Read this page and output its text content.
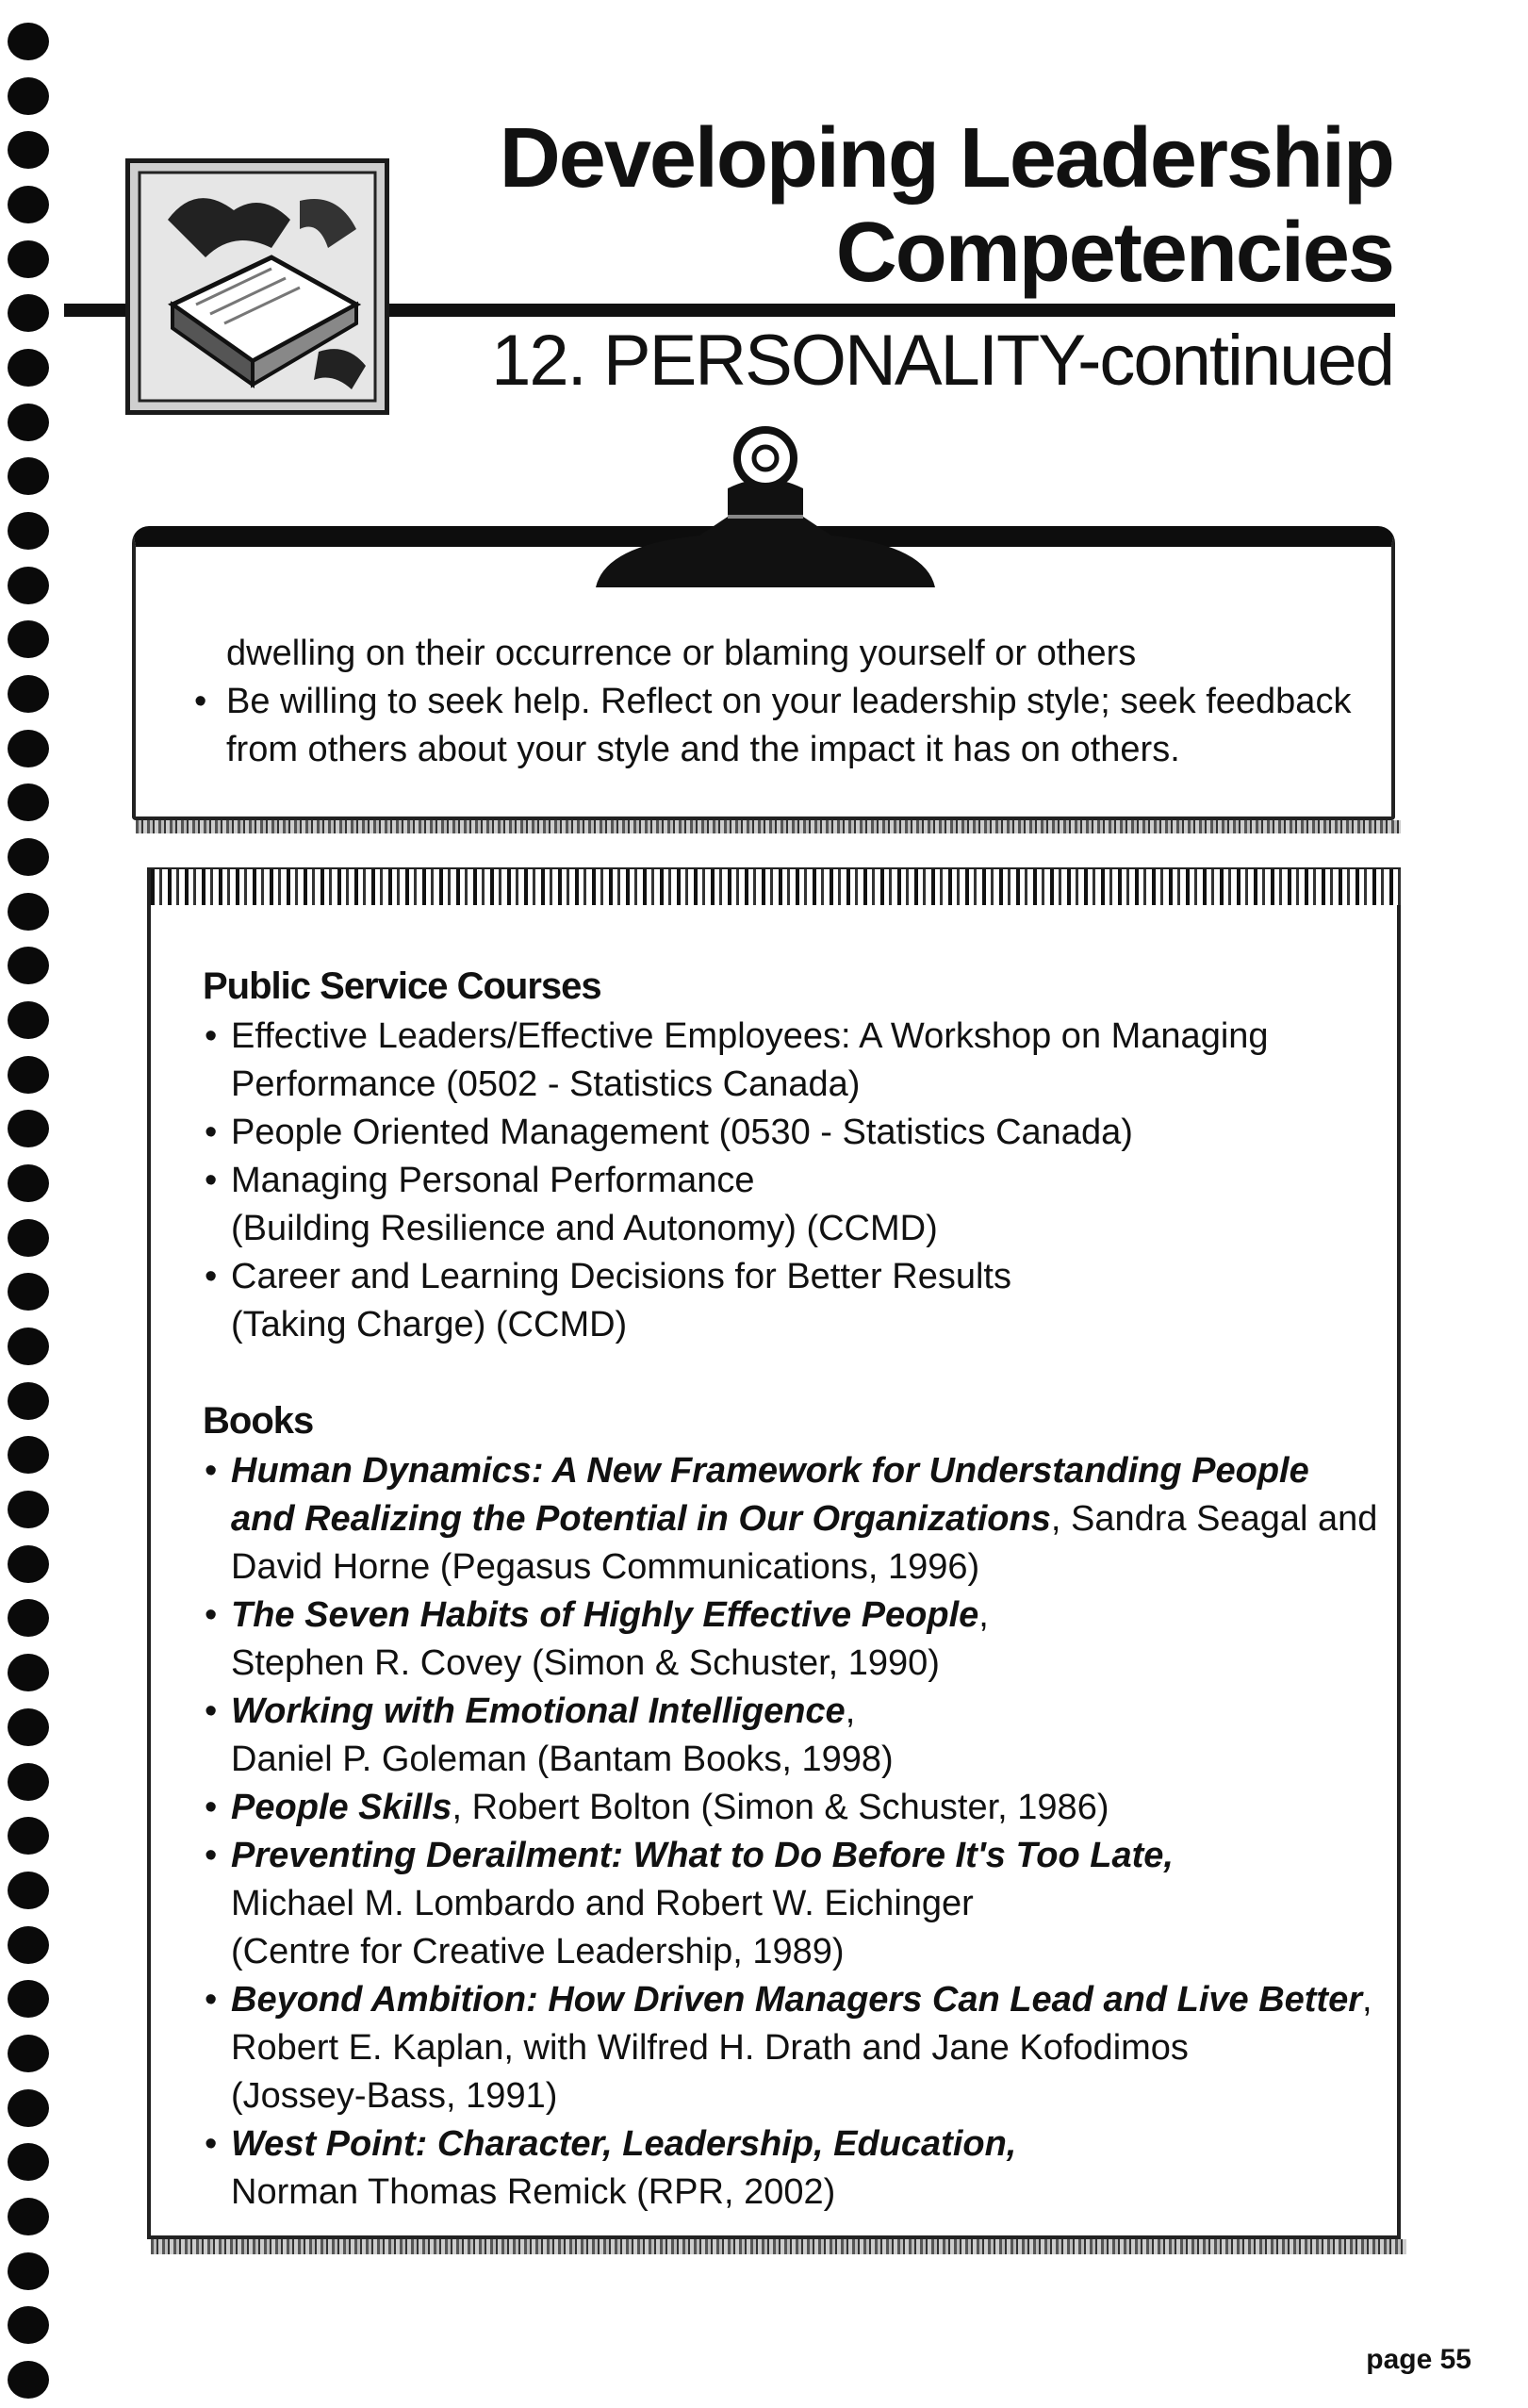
Developing Leadership
Competencies
12. PERSONALITY-continued
dwelling on their occurrence or blaming yourself or others
• Be willing to seek help. Reflect on your leadership style; seek feedback
from others about your style and the impact it has on others.
Public Service Courses
• Effective Leaders/Effective Employees: A Workshop on Managing
Performance (0502 - Statistics Canada)
• People Oriented Management (0530 - Statistics Canada)
• Managing Personal Performance
(Building Resilience and Autonomy) (CCMD)
• Career and Learning Decisions for Better Results
(Taking Charge) (CCMD)
Books
• Human Dynamics: A New Framework for Understanding People
and Realizing the Potential in Our Organizations, Sandra Seagal and
David Horne (Pegasus Communications, 1996)
• The Seven Habits of Highly Effective People,
Stephen R. Covey (Simon & Schuster, 1990)
• Working with Emotional Intelligence,
Daniel P. Goleman (Bantam Books, 1998)
• People Skills, Robert Bolton (Simon & Schuster, 1986)
• Preventing Derailment: What to Do Before It's Too Late,
Michael M. Lombardo and Robert W. Eichinger
(Centre for Creative Leadership, 1989)
• Beyond Ambition: How Driven Managers Can Lead and Live Better,
Robert E. Kaplan, with Wilfred H. Drath and Jane Kofodimos
(Jossey-Bass, 1991)
• West Point: Character, Leadership, Education,
Norman Thomas Remick (RPR, 2002)
page 55
